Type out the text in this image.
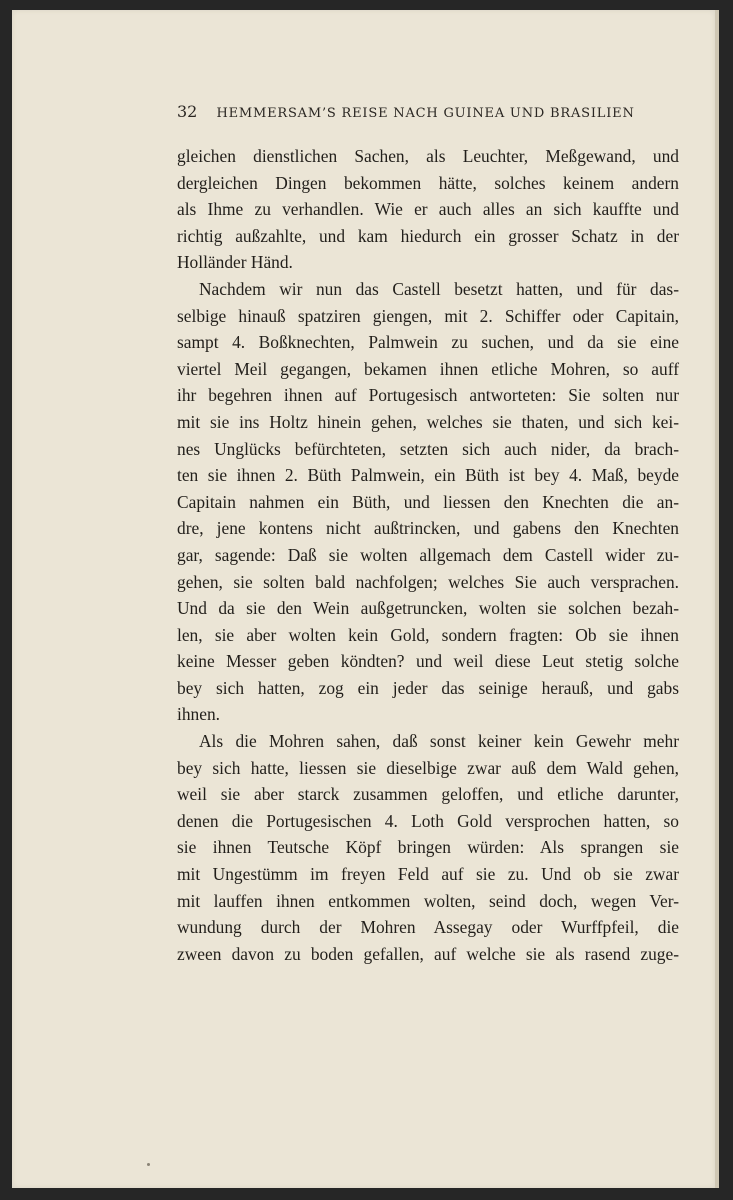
32 HEMMERSAM’S REISE NACH GUINEA UND BRASILIEN
gleichen dienstlichen Sachen, als Leuchter, Meßgewand, und
dergleichen Dingen bekommen hätte, solches keinem andern
als Ihme zu verhandlen. Wie er auch alles an sich kauffte und
richtig außzahlte, und kam hiedurch ein grosser Schatz in der
Holländer Händ.
Nachdem wir nun das Castell besetzt hatten, und für das-
selbige hinauß spatziren giengen, mit 2. Schiffer oder Capitain,
sampt 4. Boßknechten, Palmwein zu suchen, und da sie eine
viertel Meil gegangen, bekamen ihnen etliche Mohren, so auff
ihr begehren ihnen auf Portugesisch antworteten: Sie solten nur
mit sie ins Holtz hinein gehen, welches sie thaten, und sich kei-
nes Unglücks befürchteten, setzten sich auch nider, da brach-
ten sie ihnen 2. Büth Palmwein, ein Büth ist bey 4. Maß, beyde
Capitain nahmen ein Büth, und liessen den Knechten die an-
dre, jene kontens nicht außtrincken, und gabens den Knechten
gar, sagende: Daß sie wolten allgemach dem Castell wider zu-
gehen, sie solten bald nachfolgen; welches Sie auch versprachen.
Und da sie den Wein außgetruncken, wolten sie solchen bezah-
len, sie aber wolten kein Gold, sondern fragten: Ob sie ihnen
keine Messer geben köndten? und weil diese Leut stetig solche
bey sich hatten, zog ein jeder das seinige herauß, und gabs
ihnen.
Als die Mohren sahen, daß sonst keiner kein Gewehr mehr
bey sich hatte, liessen sie dieselbige zwar auß dem Wald gehen,
weil sie aber starck zusammen geloffen, und etliche darunter,
denen die Portugesischen 4. Loth Gold versprochen hatten, so
sie ihnen Teutsche Köpf bringen würden: Als sprangen sie
mit Ungestümm im freyen Feld auf sie zu. Und ob sie zwar
mit lauffen ihnen entkommen wolten, seind doch, wegen Ver-
wundung durch der Mohren Assegay oder Wurffpfeil, die
zween davon zu boden gefallen, auf welche sie als rasend zuge-
